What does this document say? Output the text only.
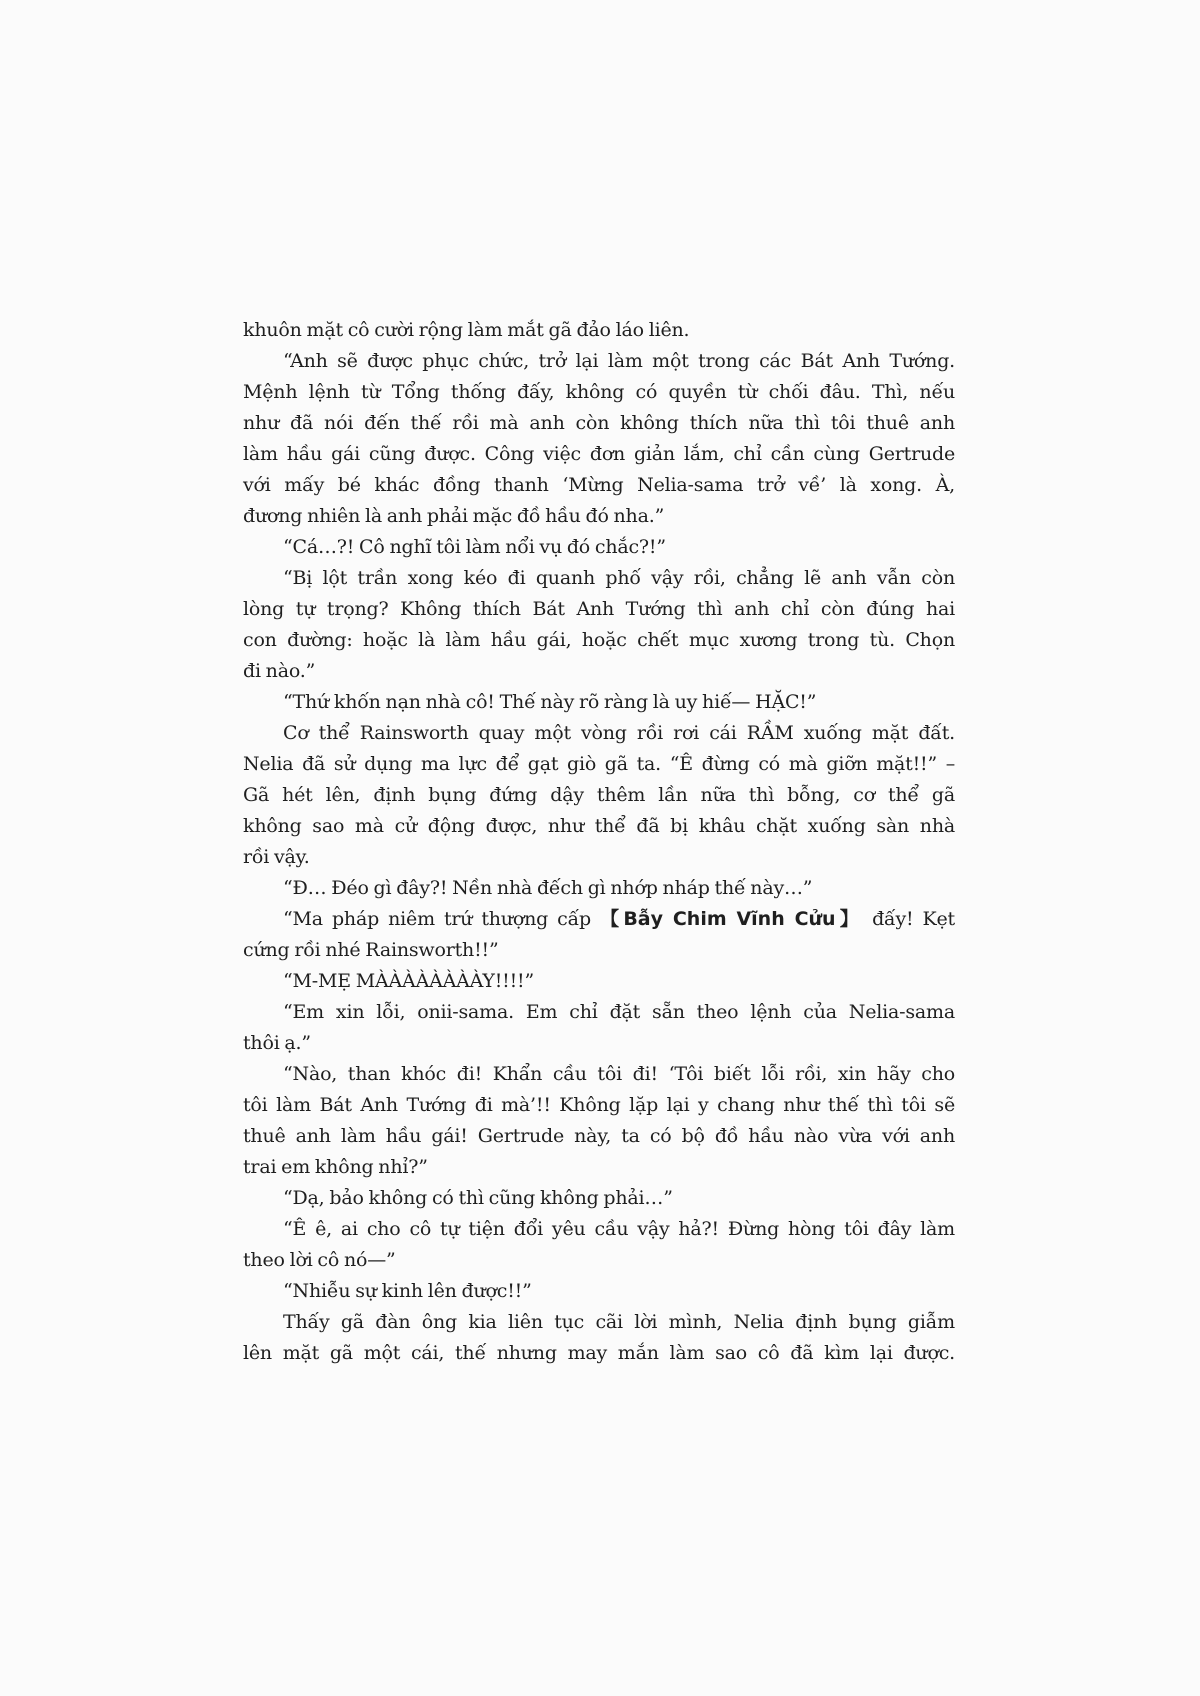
khuôn mặt cô cười rộng làm mắt gã đảo láo liên.
“Anh sẽ được phục chức, trở lại làm một trong các Bát Anh Tướng.
Mệnh lệnh từ Tổng thống đấy, không có quyền từ chối đâu. Thì, nếu
như đã nói đến thế rồi mà anh còn không thích nữa thì tôi thuê anh
làm hầu gái cũng được. Công việc đơn giản lắm, chỉ cần cùng Gertrude
với mấy bé khác đồng thanh ‘Mừng Nelia-sama trở về’ là xong. À,
đương nhiên là anh phải mặc đồ hầu đó nha.”
“Cá…?! Cô nghĩ tôi làm nổi vụ đó chắc?!”
“Bị lột trần xong kéo đi quanh phố vậy rồi, chẳng lẽ anh vẫn còn
lòng tự trọng? Không thích Bát Anh Tướng thì anh chỉ còn đúng hai
con đường: hoặc là làm hầu gái, hoặc chết mục xương trong tù. Chọn
đi nào.”
“Thứ khốn nạn nhà cô! Thế này rõ ràng là uy hiế— HẶC!”
Cơ thể Rainsworth quay một vòng rồi rơi cái RẦM xuống mặt đất.
Nelia đã sử dụng ma lực để gạt giò gã ta. “Ê đừng có mà giỡn mặt!!” –
Gã hét lên, định bụng đứng dậy thêm lần nữa thì bỗng, cơ thể gã
không sao mà cử động được, như thể đã bị khâu chặt xuống sàn nhà
rồi vậy.
“Đ… Đéo gì đây?! Nền nhà đếch gì nhớp nháp thế này…”
“Ma pháp niêm trứ thượng cấp 【Bẫy Chim Vĩnh Cửu】 đấy! Kẹt
cứng rồi nhé Rainsworth!!”
“M-MẸ MÀÀÀÀÀÀÀÀY!!!!”
“Em xin lỗi, onii-sama. Em chỉ đặt sẵn theo lệnh của Nelia-sama
thôi ạ.”
“Nào, than khóc đi! Khẩn cầu tôi đi! ‘Tôi biết lỗi rồi, xin hãy cho
tôi làm Bát Anh Tướng đi mà’!! Không lặp lại y chang như thế thì tôi sẽ
thuê anh làm hầu gái! Gertrude này, ta có bộ đồ hầu nào vừa với anh
trai em không nhỉ?”
“Dạ, bảo không có thì cũng không phải…”
“Ê ê, ai cho cô tự tiện đổi yêu cầu vậy hả?! Đừng hòng tôi đây làm
theo lời cô nó—”
“Nhiễu sự kinh lên được!!”
Thấy gã đàn ông kia liên tục cãi lời mình, Nelia định bụng giẫm
lên mặt gã một cái, thế nhưng may mắn làm sao cô đã kìm lại được.
